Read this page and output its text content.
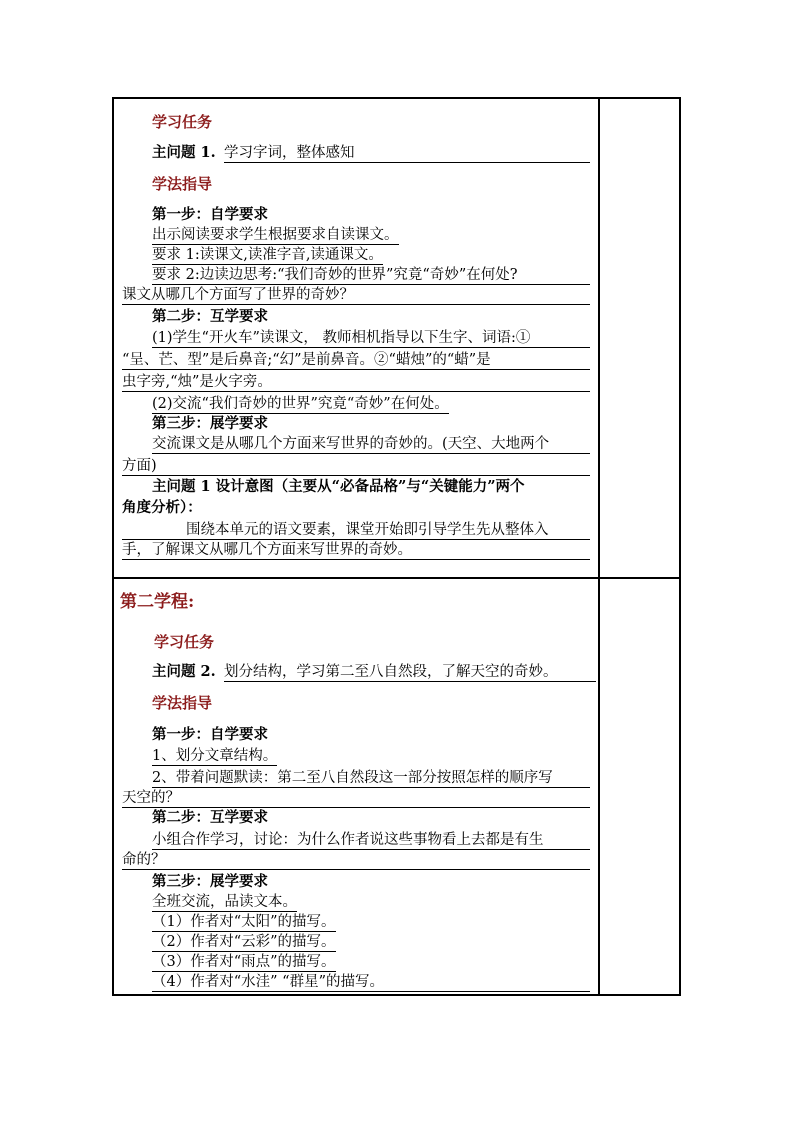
学习任务
主问题 1. 学习字词，整体感知
学法指导
第一步：自学要求
出示阅读要求学生根据要求自读课文。
要求 1:读课文,读准字音,读通课文。
要求 2:边读边思考:“我们奇妙的世界”究竟“奇妙”在何处?
课文从哪几个方面写了世界的奇妙？
第二步：互学要求
(1)学生“开火车”读课文， 教师相机指导以下生字、词语:①
“呈、芒、型”是后鼻音;“幻”是前鼻音。②“蜡烛”的“蜡”是
虫字旁,“烛”是火字旁。
(2)交流“我们奇妙的世界”究竟“奇妙”在何处。
第三步：展学要求
交流课文是从哪几个方面来写世界的奇妙的。(天空、大地两个
方面)
主问题 1 设计意图（主要从“必备品格”与“关键能力”两个
角度分析）：
围绕本单元的语文要素，课堂开始即引导学生先从整体入
手，了解课文从哪几个方面来写世界的奇妙。
第二学程:
学习任务
主问题 2. 划分结构，学习第二至八自然段，了解天空的奇妙。
学法指导
第一步：自学要求
1、划分文章结构。
2、带着问题默读：第二至八自然段这一部分按照怎样的顺序写
天空的？
第二步：互学要求
小组合作学习，讨论：为什么作者说这些事物看上去都是有生
命的？
第三步：展学要求
全班交流，品读文本。
（1）作者对“太阳”的描写。
（2）作者对“云彩”的描写。
（3）作者对“雨点”的描写。
（4）作者对“水洼” “群星”的描写。
